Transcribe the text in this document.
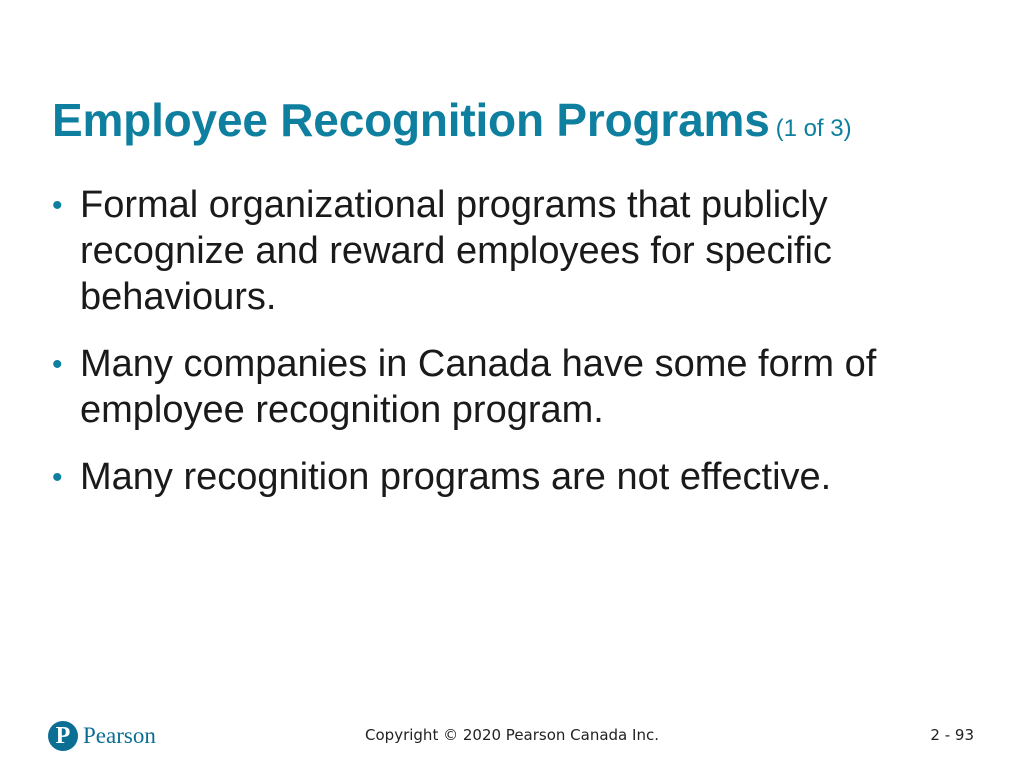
Employee Recognition Programs (1 of 3)
• Formal organizational programs that publicly recognize and reward employees for specific behaviours.
• Many companies in Canada have some form of employee recognition program.
• Many recognition programs are not effective.
P Pearson	Copyright © 2020 Pearson Canada Inc.	2 - 93
